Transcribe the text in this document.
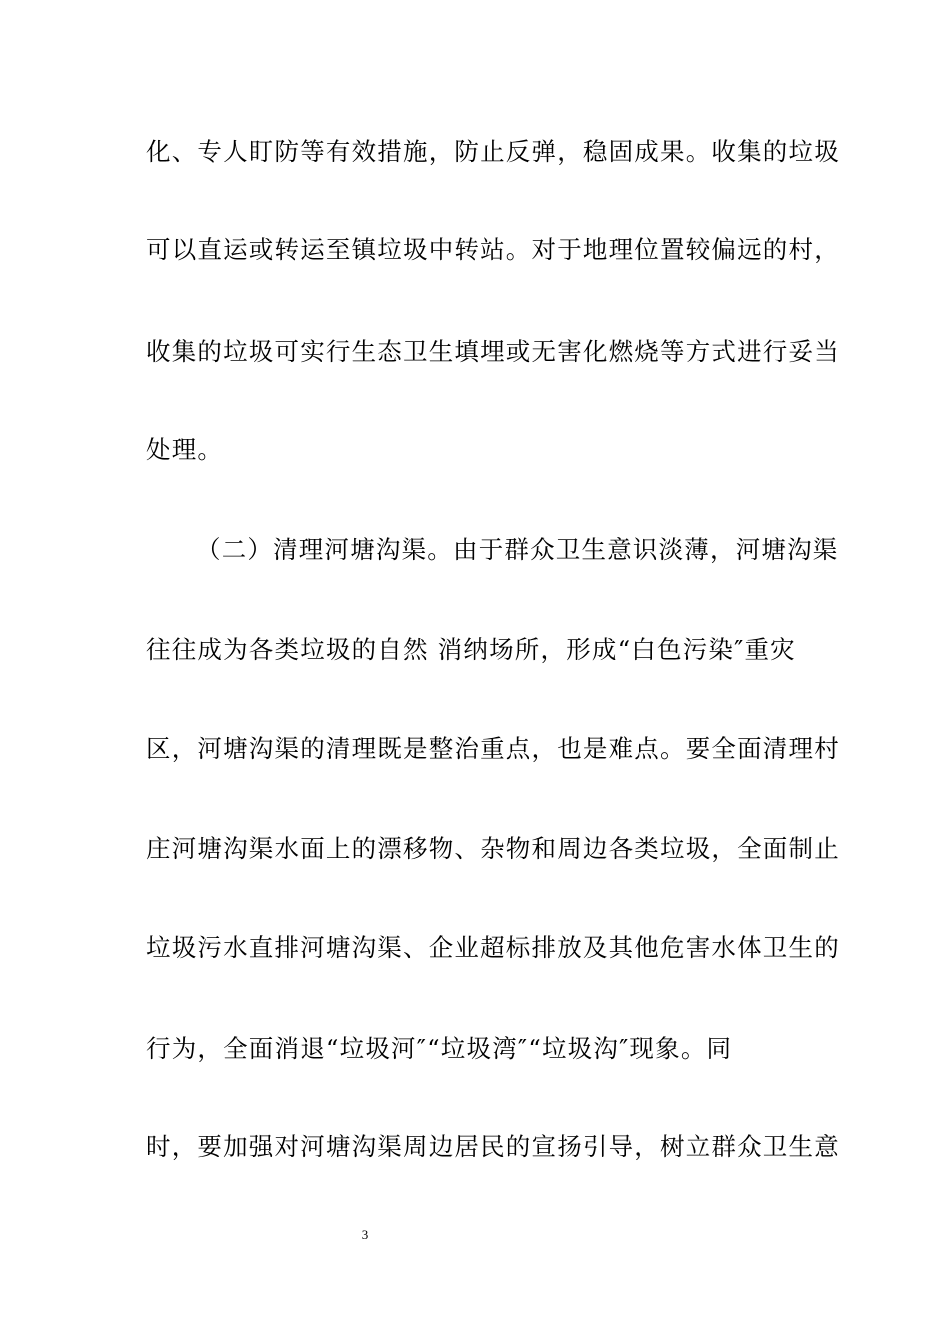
化、专人盯防等有效措施，防止反弹，稳固成果。收集的垃圾
可以直运或转运至镇垃圾中转站。对于地理位置较偏远的村，
收集的垃圾可实行生态卫生填埋或无害化燃烧等方式进行妥当
处理。
（二）清理河塘沟渠。由于群众卫生意识淡薄，河塘沟渠
往往成为各类垃圾的自然 消纳场所，形成“白色污染″重灾
区，河塘沟渠的清理既是整治重点，也是难点。要全面清理村
庄河塘沟渠水面上的漂移物、杂物和周边各类垃圾，全面制止
垃圾污水直排河塘沟渠、企业超标排放及其他危害水体卫生的
行为，全面消退“垃圾河″“垃圾湾″“垃圾沟″现象。同
时，要加强对河塘沟渠周边居民的宣扬引导，树立群众卫生意
3
